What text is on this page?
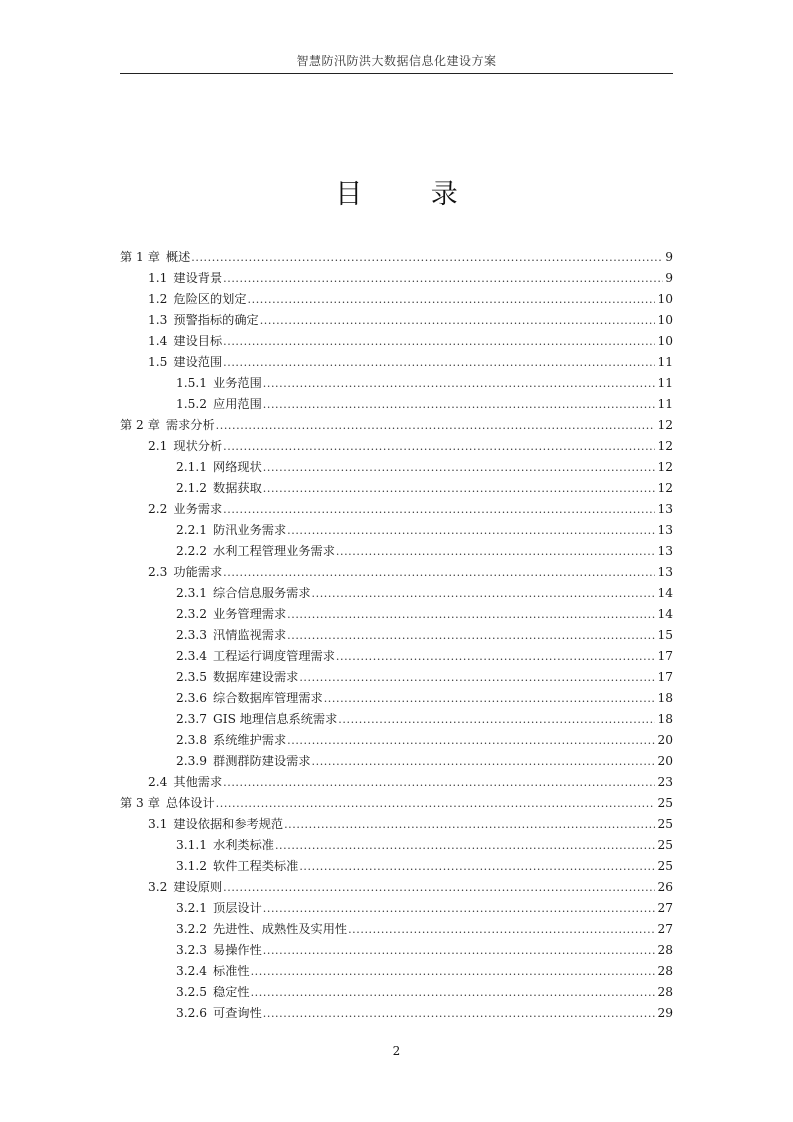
智慧防汛防洪大数据信息化建设方案
目 录
第 1 章 概述 .....	9
1.1 建设背景 .....	9
1.2 危险区的划定 .....	10
1.3 预警指标的确定 .....	10
1.4 建设目标 .....	10
1.5 建设范围 .....	11
1.5.1 业务范围 .....	11
1.5.2 应用范围 .....	11
第 2 章 需求分析 .....	12
2.1 现状分析 .....	12
2.1.1 网络现状 .....	12
2.1.2 数据获取 .....	12
2.2 业务需求 .....	13
2.2.1 防汛业务需求 .....	13
2.2.2 水利工程管理业务需求 .....	13
2.3 功能需求 .....	13
2.3.1 综合信息服务需求 .....	14
2.3.2 业务管理需求 .....	14
2.3.3 汛情监视需求 .....	15
2.3.4 工程运行调度管理需求 .....	17
2.3.5 数据库建设需求 .....	17
2.3.6 综合数据库管理需求 .....	18
2.3.7 GIS 地理信息系统需求 .....	18
2.3.8 系统维护需求 .....	20
2.3.9 群测群防建设需求 .....	20
2.4 其他需求 .....	23
第 3 章 总体设计 .....	25
3.1 建设依据和参考规范 .....	25
3.1.1 水利类标准 .....	25
3.1.2 软件工程类标准 .....	25
3.2 建设原则 .....	26
3.2.1 顶层设计 .....	27
3.2.2 先进性、成熟性及实用性 .....	27
3.2.3 易操作性 .....	28
3.2.4 标准性 .....	28
3.2.5 稳定性 .....	28
3.2.6 可查询性 .....	29
2
